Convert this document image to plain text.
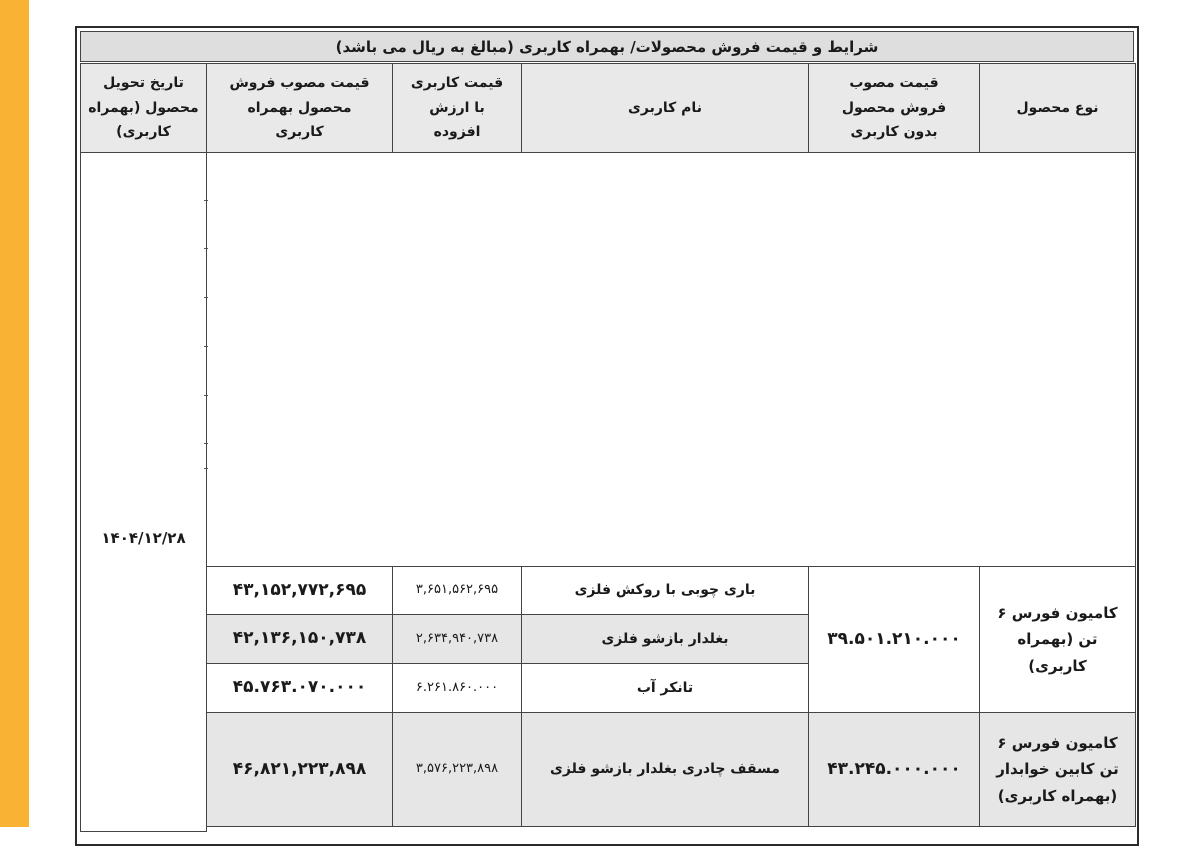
شرایط و قیمت فروش محصولات/ بهمراه کاربری (مبالغ به ریال می باشد)
نوع محصول
قیمت مصوب فروش محصول بدون کاربری
نام کاربری
قیمت کاربری با ارزش افزوده
قیمت مصوب فروش محصول بهمراه کاربری
تاریخ تحویل محصول (بهمراه کاربری)
۱۴۰۴/۱۲/۲۸
کامیون فورس ۶ تن (بهمراه کاربری)
۳۹.۵۰۱.۲۱۰.۰۰۰
باری چوبی با روکش فلزی
۳,۶۵۱,۵۶۲,۶۹۵
۴۳,۱۵۲,۷۷۲,۶۹۵
بغلدار بازشو فلزی
۲,۶۳۴,۹۴۰,۷۳۸
۴۲,۱۳۶,۱۵۰,۷۳۸
تانکر آب
۶.۲۶۱.۸۶۰.۰۰۰
۴۵.۷۶۳.۰۷۰.۰۰۰
کامیون فورس ۶ تن کابین خوابدار (بهمراه کاربری)
۴۳.۲۴۵.۰۰۰.۰۰۰
مسقف چادری بغلدار بازشو فلزی
۳,۵۷۶,۲۲۳,۸۹۸
۴۶,۸۲۱,۲۲۳,۸۹۸
